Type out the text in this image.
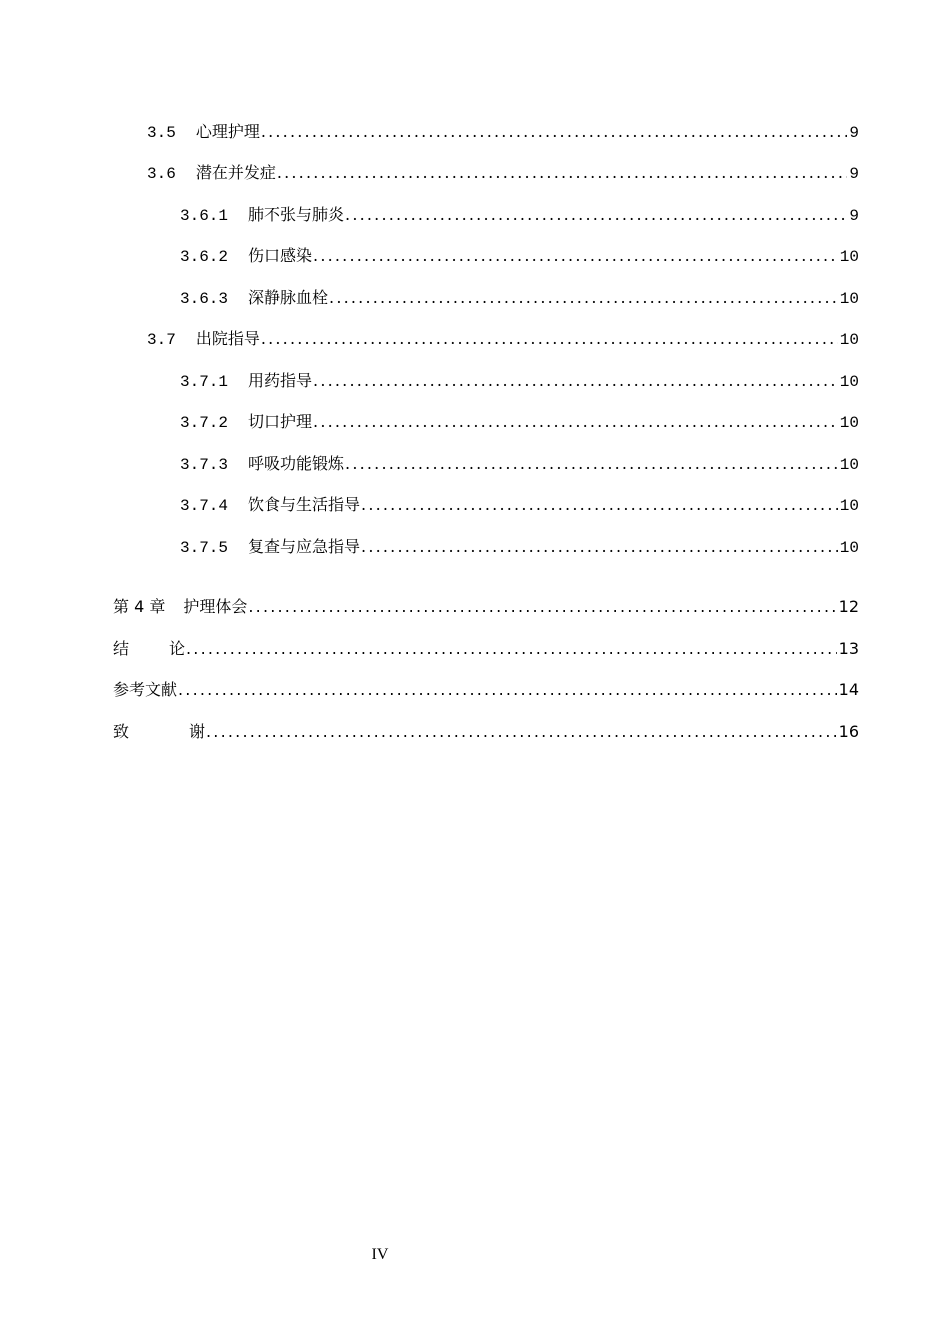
3.5 心理护理 .....	9
3.6 潜在并发症 .....	9
3.6.1 肺不张与肺炎 .....	9
3.6.2 伤口感染 .....	10
3.6.3 深静脉血栓 .....	10
3.7 出院指导 .....	10
3.7.1 用药指导 .....	10
3.7.2 切口护理 .....	10
3.7.3 呼吸功能锻炼 .....	10
3.7.4 饮食与生活指导 .....	10
3.7.5 复查与应急指导 .....	10
第 4 章 护理体会 .....	12
结论 .....	13
参考文献 .....	14
致谢 .....	16
IV
